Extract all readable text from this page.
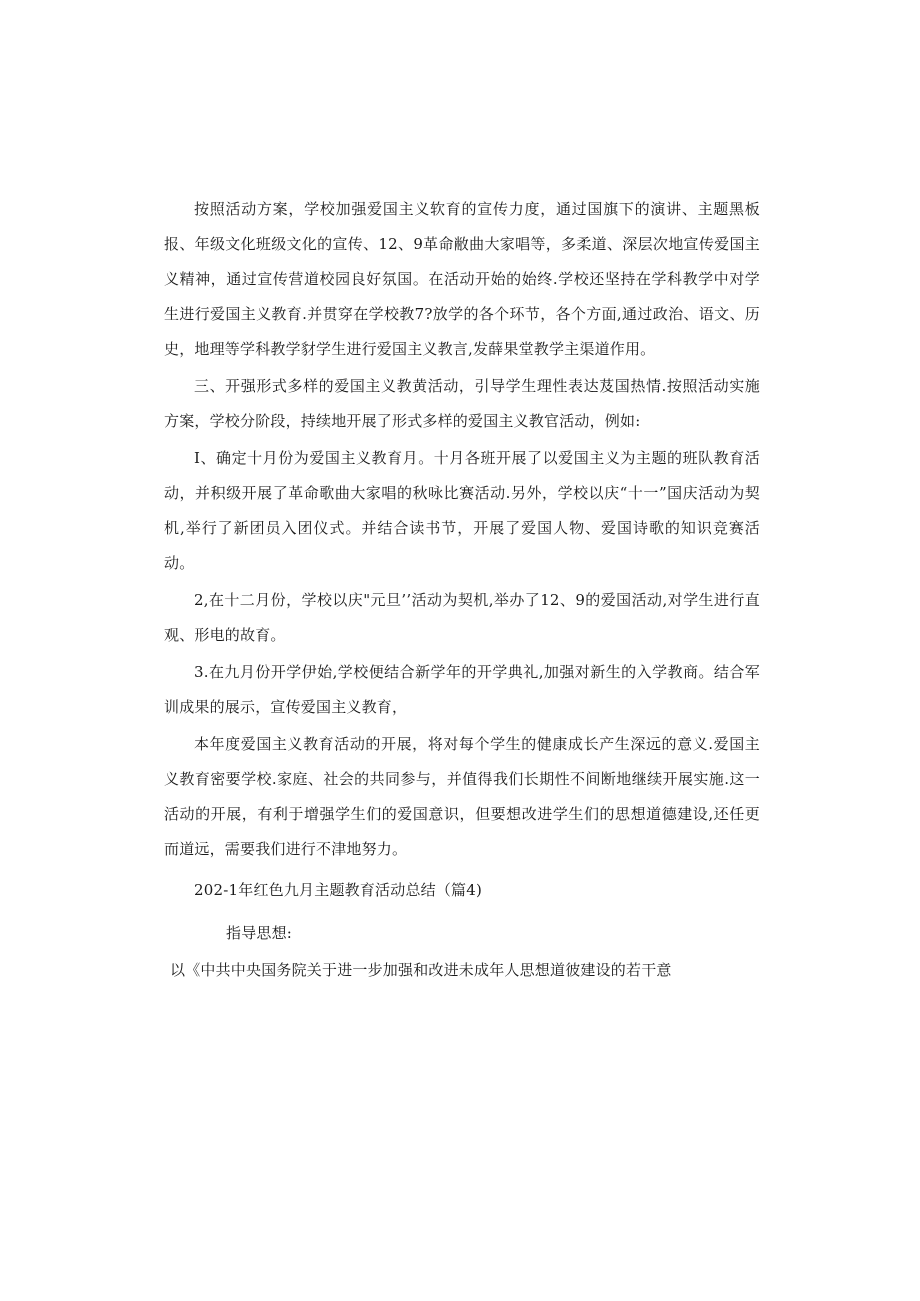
按照活动方案，学校加强爱国主义软育的宣传力度，通过国旗下的演讲、主题黑板报、年级文化班级文化的宣传、12、9革命敝曲大家唱等，多柔道、深层次地宣传爱国主义精神，通过宣传营道校园良好氛国。在活动开始的始终.学校还坚持在学科教学中对学生进行爱国主义教育.并贯穿在学校教7?放学的各个环节，各个方面,通过政治、语文、历史，地理等学科教学豺学生进行爱国主义教言,发薛果堂教学主渠道作用。

三、开强形式多样的爱国主义教黄活动，引导学生理性表达芨国热情.按照活动实施方案，学校分阶段，持续地开展了形式多样的爱国主义教官活动，例如:

I、确定十月份为爱国主义教育月。十月各班开展了以爱国主义为主题的班队教育活动，并积级开展了革命歌曲大家唱的秋咏比赛活动.另外，学校以庆“十一”国庆活动为契机,举行了新团员入团仪式。并结合读书节，开展了爱国人物、爱国诗歌的知识竞赛活动。

2,在十二月份，学校以庆"元旦’’活动为契机,举办了12、9的爱国活动,对学生进行直观、形电的故育。

3.在九月份开学伊始,学校便结合新学年的开学典礼,加强对新生的入学教商。结合军训成果的展示，宣传爱国主义教育，

本年度爱国主义教育活动的开展，将对每个学生的健康成长产生深远的意义.爱国主义教育密要学校.家庭、社会的共同参与，并值得我们长期性不间断地继续开展实施.这一活动的开展，有利于增强学生们的爱国意识，但要想改进学生们的思想道德建设,还任更而道远，需要我们进行不津地努力。

202-1年红色九月主题教育活动总结（篇4)

指导思想:

以《中共中央国务院关于进一步加强和改进未成年人思想道彼建设的若干意
